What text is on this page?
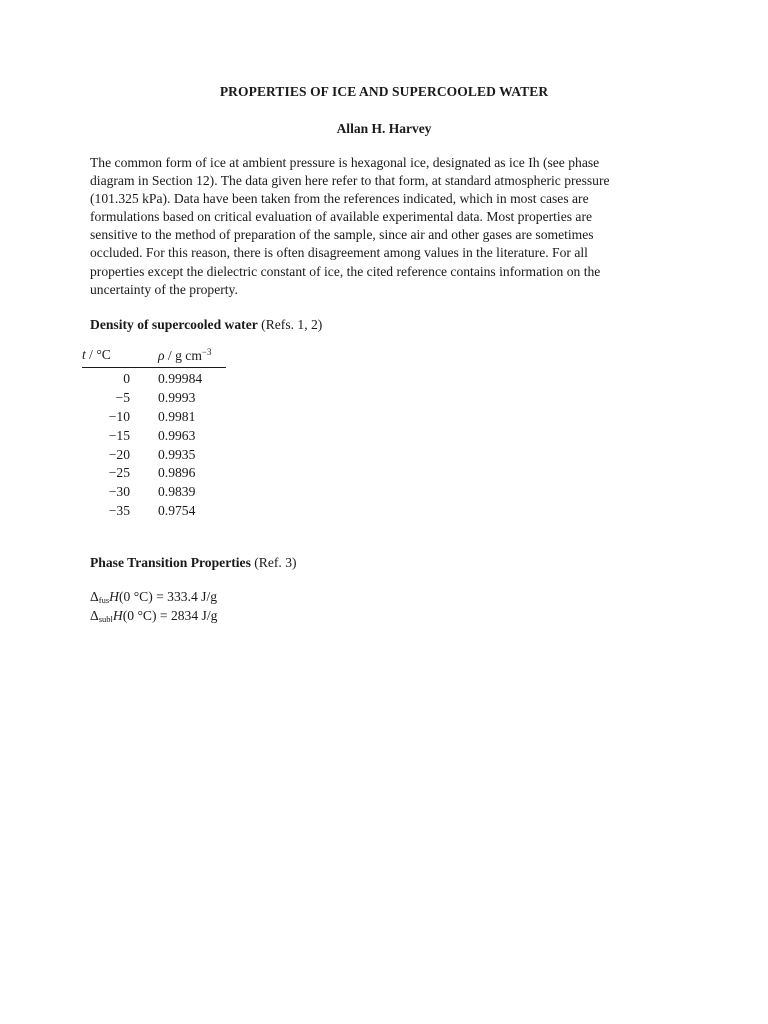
PROPERTIES OF ICE AND SUPERCOOLED WATER
Allan H. Harvey

The common form of ice at ambient pressure is hexagonal ice, designated as ice Ih (see phase
diagram in Section 12). The data given here refer to that form, at standard atmospheric pressure
(101.325 kPa). Data have been taken from the references indicated, which in most cases are
formulations based on critical evaluation of available experimental data. Most properties are
sensitive to the method of preparation of the sample, since air and other gases are sometimes
occluded. For this reason, there is often disagreement among values in the literature. For all
properties except the dielectric constant of ice, the cited reference contains information on the
uncertainty of the property.

Density of supercooled water (Refs. 1, 2)

t / °C	ρ / g $cm^{-3}$
0	0.99984
−5	0.9993
−10	0.9981
−15	0.9963
−20	0.9935
−25	0.9896
−30	0.9839
−35	0.9754

Phase Transition Properties (Ref. 3)

$\Delta_{fus}H(0$ °C) = 333.4 J/g
$\Delta_{subl}H(0$ °C) = 2834 J/g
